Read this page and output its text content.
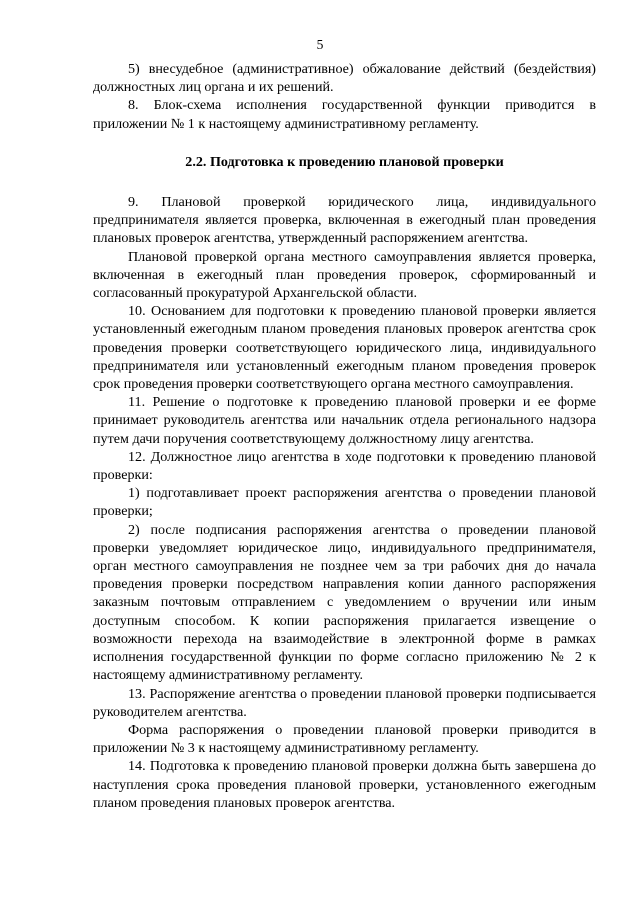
5

5) внесудебное (административное) обжалование действий (бездействия) должностных лиц органа и их решений.

8. Блок-схема исполнения государственной функции приводится в приложении № 1 к настоящему административному регламенту.

2.2. Подготовка к проведению плановой проверки

9. Плановой проверкой юридического лица, индивидуального предпринимателя является проверка, включенная в ежегодный план проведения плановых проверок агентства, утвержденный распоряжением агентства.

Плановой проверкой органа местного самоуправления является проверка, включенная в ежегодный план проведения проверок, сформированный и согласованный прокуратурой Архангельской области.

10. Основанием для подготовки к проведению плановой проверки является установленный ежегодным планом проведения плановых проверок агентства срок проведения проверки соответствующего юридического лица, индивидуального предпринимателя или установленный ежегодным планом проведения проверок срок проведения проверки соответствующего органа местного самоуправления.

11. Решение о подготовке к проведению плановой проверки и ее форме принимает руководитель агентства или начальник отдела регионального надзора путем дачи поручения соответствующему должностному лицу агентства.

12. Должностное лицо агентства в ходе подготовки к проведению плановой проверки:

1) подготавливает проект распоряжения агентства о проведении плановой проверки;

2) после подписания распоряжения агентства о проведении плановой проверки уведомляет юридическое лицо, индивидуального предпринимателя, орган местного самоуправления не позднее чем за три рабочих дня до начала проведения проверки посредством направления копии данного распоряжения заказным почтовым отправлением с уведомлением о вручении или иным доступным способом. К копии распоряжения прилагается извещение о возможности перехода на взаимодействие в электронной форме в рамках исполнения государственной функции по форме согласно приложению № 2 к настоящему административному регламенту.

13. Распоряжение агентства о проведении плановой проверки подписывается руководителем агентства.

Форма распоряжения о проведении плановой проверки приводится в приложении № 3 к настоящему административному регламенту.

14. Подготовка к проведению плановой проверки должна быть завершена до наступления срока проведения плановой проверки, установленного ежегодным планом проведения плановых проверок агентства.
